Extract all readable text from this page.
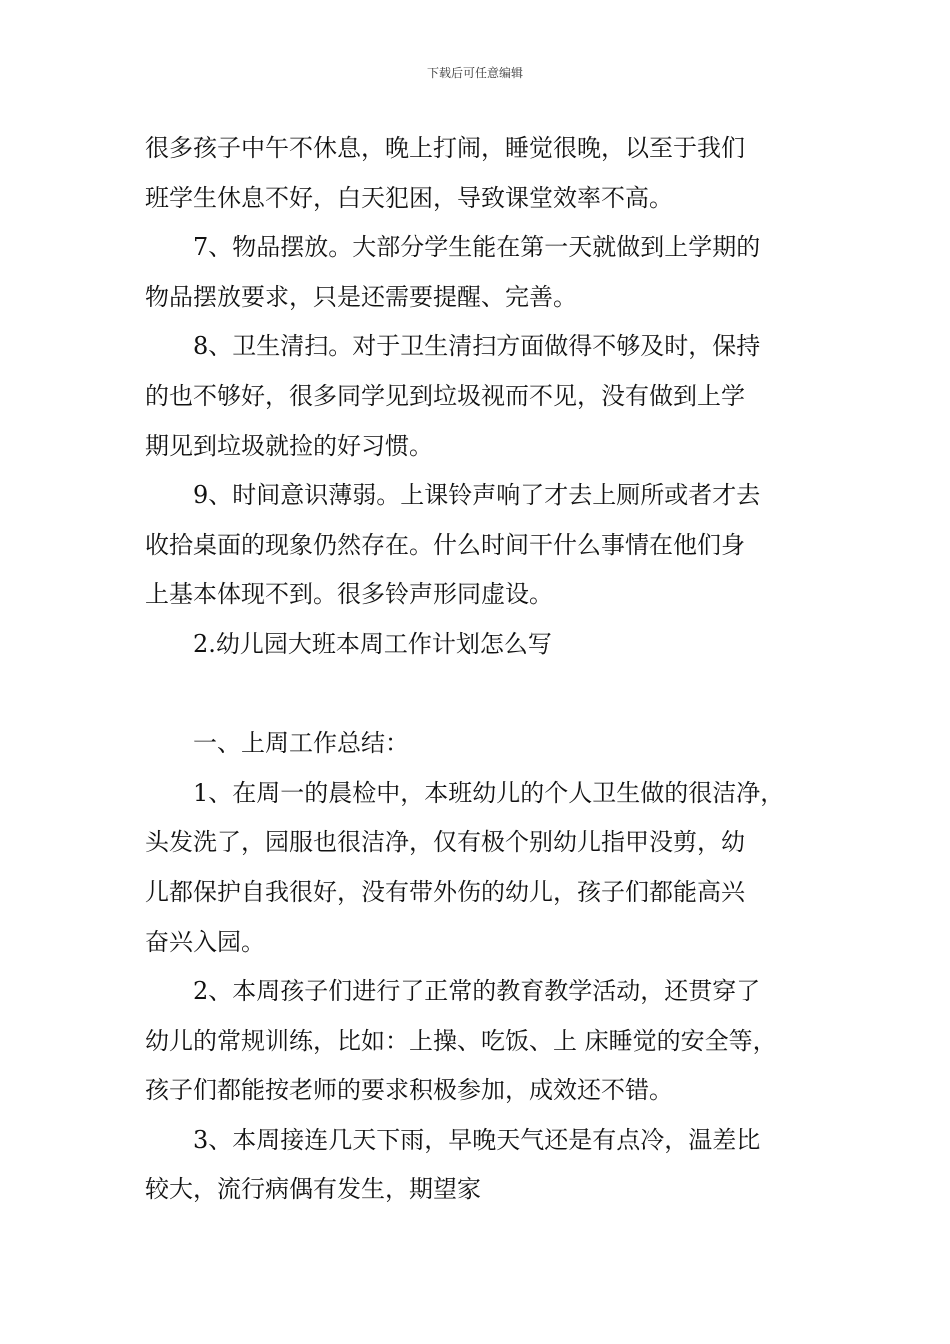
下载后可任意编辑
很多孩子中午不休息，晚上打闹，睡觉很晚，以至于我们
班学生休息不好，白天犯困，导致课堂效率不高。
7、物品摆放。大部分学生能在第一天就做到上学期的
物品摆放要求，只是还需要提醒、完善。
8、卫生清扫。对于卫生清扫方面做得不够及时，保持
的也不够好，很多同学见到垃圾视而不见，没有做到上学
期见到垃圾就捡的好习惯。
9、时间意识薄弱。上课铃声响了才去上厕所或者才去
收拾桌面的现象仍然存在。什么时间干什么事情在他们身
上基本体现不到。很多铃声形同虚设。
2.幼儿园大班本周工作计划怎么写
一、上周工作总结：
1、在周一的晨检中，本班幼儿的个人卫生做的很洁净，
头发洗了，园服也很洁净，仅有极个别幼儿指甲没剪，幼
儿都保护自我很好，没有带外伤的幼儿，孩子们都能高兴
奋兴入园。
2、本周孩子们进行了正常的教育教学活动，还贯穿了
幼儿的常规训练，比如：上操、吃饭、上 床睡觉的安全等，
孩子们都能按老师的要求积极参加，成效还不错。
3、本周接连几天下雨，早晚天气还是有点冷，温差比
较大，流行病偶有发生，期望家
